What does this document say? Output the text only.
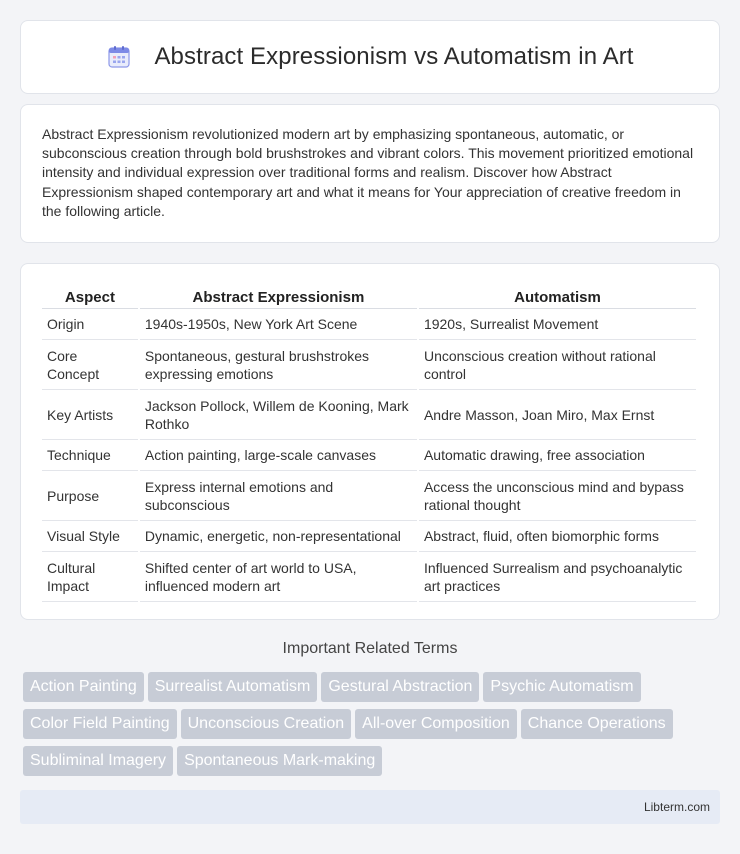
Abstract Expressionism vs Automatism in Art

Abstract Expressionism revolutionized modern art by emphasizing spontaneous, automatic, or subconscious creation through bold brushstrokes and vibrant colors. This movement prioritized emotional intensity and individual expression over traditional forms and realism. Discover how Abstract Expressionism shaped contemporary art and what it means for Your appreciation of creative freedom in the following article.

Aspect	Abstract Expressionism	Automatism
Origin	1940s-1950s, New York Art Scene	1920s, Surrealist Movement
Core Concept	Spontaneous, gestural brushstrokes expressing emotions	Unconscious creation without rational control
Key Artists	Jackson Pollock, Willem de Kooning, Mark Rothko	Andre Masson, Joan Miro, Max Ernst
Technique	Action painting, large-scale canvases	Automatic drawing, free association
Purpose	Express internal emotions and subconscious	Access the unconscious mind and bypass rational thought
Visual Style	Dynamic, energetic, non-representational	Abstract, fluid, often biomorphic forms
Cultural Impact	Shifted center of art world to USA, influenced modern art	Influenced Surrealism and psychoanalytic art practices
Important Related Terms
Action Painting Surrealist Automatism Gestural Abstraction Psychic Automatism
Color Field Painting Unconscious Creation All-over Composition Chance Operations
Subliminal Imagery Spontaneous Mark-making
Libterm.com
